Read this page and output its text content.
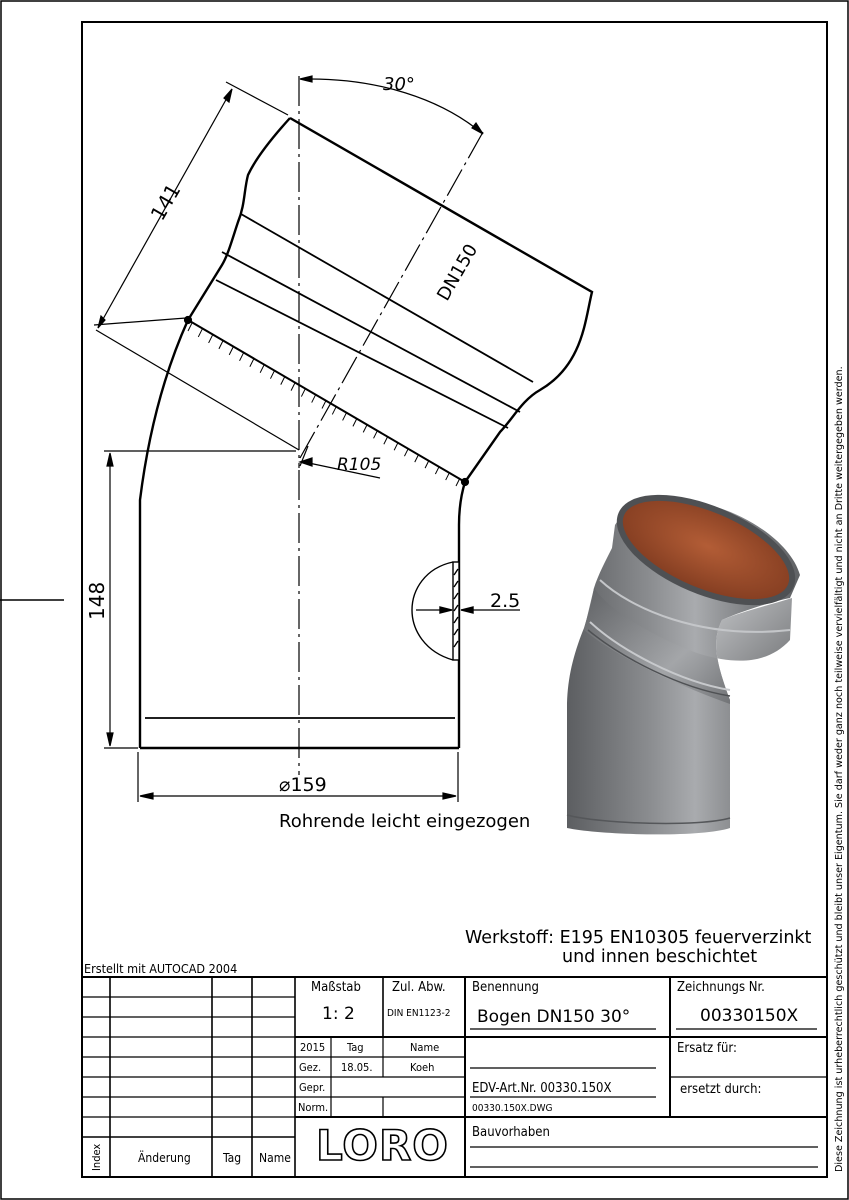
Diese Zeichnung ist urheberrechtlich geschützt und bleibt unser Eigentum. Sie darf weder ganz noch teilweise vervielfältigt und nicht an Dritte weitergegeben werden.
30°
141
DN150
R105
148	2.5
⌀159
Rohrende leicht eingezogen
Werkstoff: E195 EN10305 feuerverzinkt
und innen beschichtet
Erstellt mit AUTOCAD 2004
Maßstab
1: 2
Zul. Abw.
DIN EN1123-2
Benennung
Bogen DN150 30°
Zeichnungs Nr.
00330150X
2015 Tag	Name
Gez. 18.05.	Koeh
Gepr.
Norm.
Ersatz für:
ersetzt durch:
EDV-Art.Nr. 00330.150X
00330.150X.DWG
Bauvorhaben
Index	Änderung	Tag Name LORO
